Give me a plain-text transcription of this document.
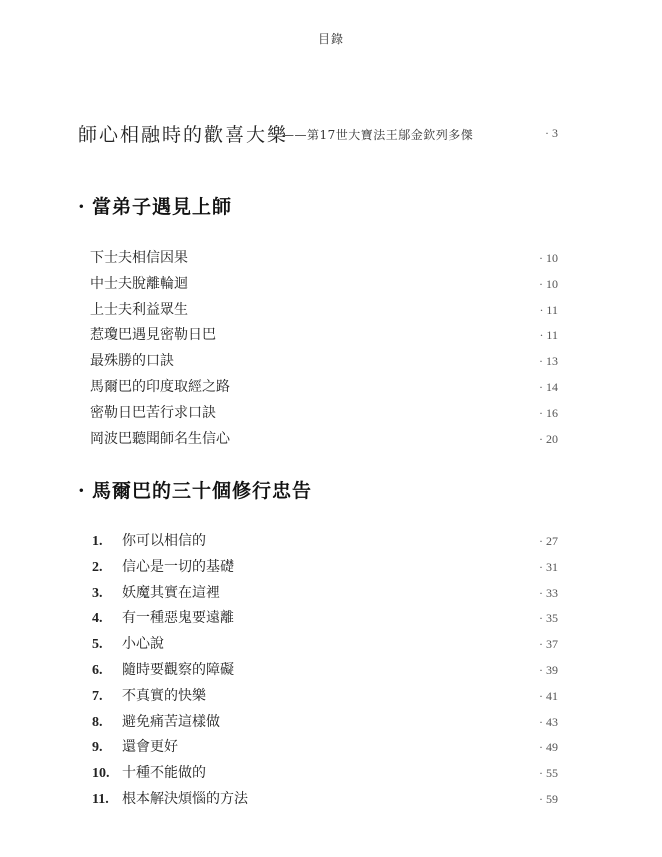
目錄
師心相融時的歡喜大樂
——第17世大寶法王鄔金欽列多傑	· 3
· 當弟子遇見上師
下士夫相信因果	· 10
中士夫脫離輪迴	· 10
上士夫利益眾生	· 11
惹瓊巴遇見密勒日巴	· 11
最殊勝的口訣	· 13
馬爾巴的印度取經之路	· 14
密勒日巴苦行求口訣	· 16
岡波巴聽聞師名生信心	· 20
· 馬爾巴的三十個修行忠告
1.	你可以相信的	· 27
2.	信心是一切的基礎	· 31
3.	妖魔其實在這裡	· 33
4.	有一種惡鬼要遠離	· 35
5.	小心說	· 37
6.	隨時要觀察的障礙	· 39
7.	不真實的快樂	· 41
8.	避免痛苦這樣做	· 43
9.	還會更好	· 49
10. 十種不能做的	· 55
11. 根本解決煩惱的方法	· 59
